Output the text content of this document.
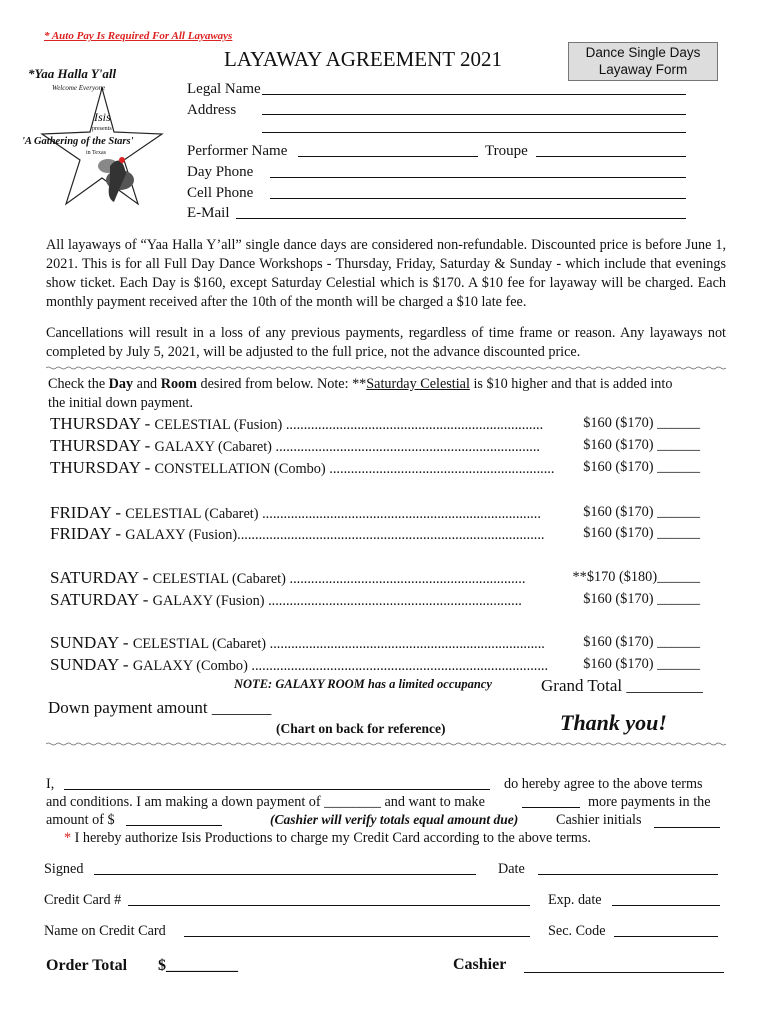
* Auto Pay Is Required For All Layaways
*Yaa Halla Y'all
Welcome Everyone
Isis
presents
'A Gathering of the Stars'
in Texas
LAYAWAY AGREEMENT 2021	Dance Single Days
Layaway Form
Legal Name
Address
Performer Name	Troupe
Day Phone
Cell Phone
E-Mail
All layaways of “Yaa Halla Y’all” single dance days are considered non-refundable. Discounted price is before June 1, 2021. This is for all Full Day Dance Workshops - Thursday, Friday, Saturday & Sunday - which include that evenings show ticket. Each Day is $160, except Saturday Celestial which is $170. A $10 fee for layaway will be charged. Each monthly payment received after the 10th of the month will be charged a $10 late fee.
Cancellations will result in a loss of any previous payments, regardless of time frame or reason. Any layaways not completed by July 5, 2021, will be adjusted to the full price, not the advance discounted price.
Check the Day and Room desired from below. Note: **Saturday Celestial is $10 higher and that is added into
the initial down payment.
THURSDAY - CELESTIAL (Fusion) ........................................................................	$160 ($170) ______
THURSDAY - GALAXY (Cabaret) ..........................................................................	$160 ($170) ______
THURSDAY - CONSTELLATION (Combo) ............................................................... $160 ($170) ______
FRIDAY - CELESTIAL (Cabaret) ..............................................................................	$160 ($170) ______
FRIDAY - GALAXY (Fusion)......................................................................................	$160 ($170) ______
SATURDAY - CELESTIAL (Cabaret) ..................................................................	**$170 ($180)______
SATURDAY - GALAXY (Fusion) .......................................................................	$160 ($170) ______
SUNDAY - CELESTIAL (Cabaret) .............................................................................	$160 ($170) ______
SUNDAY - GALAXY (Combo) ................................................................................... $160 ($170) ______
NOTE: GALAXY ROOM has a limited occupancy	Grand Total _________
Down payment amount _______
(Chart on back for reference)	Thank you!
I,	do hereby agree to the above terms
and conditions. I am making a down payment of ________ and want to make	more payments in the
amount of $	(Cashier will verify totals equal amount due)	Cashier initials
* I hereby authorize Isis Productions to charge my Credit Card according to the above terms.
Signed	Date
Credit Card #	Exp. date
Name on Credit Card	Sec. Code
Order Total $_________	Cashier
